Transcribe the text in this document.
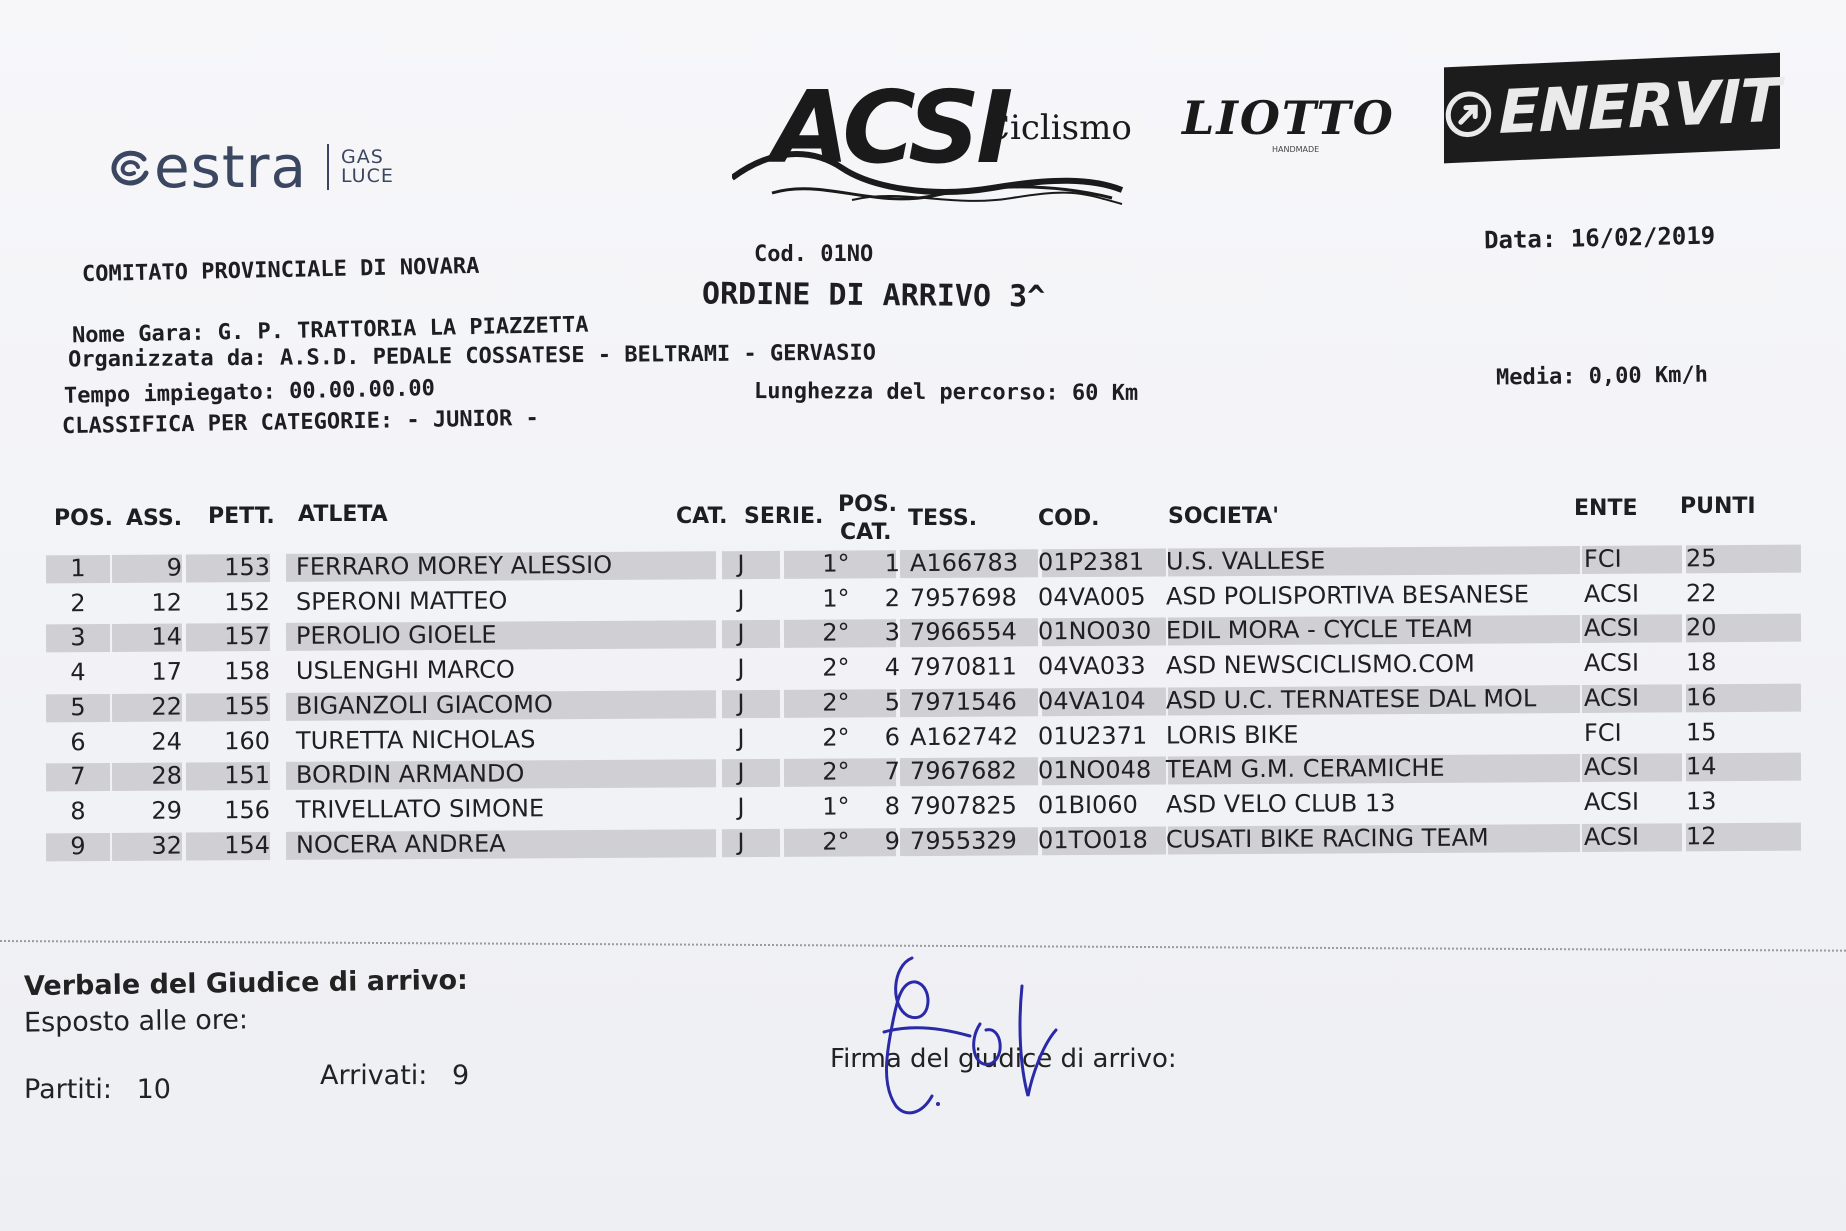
estra GAS
LUCE	ACSI
Ciclismo LIOTTO
HANDMADE
ENERVIT
COMITATO PROVINCIALE DI NOVARA	Cod. 01NO
Data: 16/02/2019
ORDINE DI ARRIVO 3^
Nome Gara: G. P. TRATTORIA LA PIAZZETTA
Organizzata da: A.S.D. PEDALE COSSATESE - BELTRAMI - GERVASIO
Tempo impiegato: 00.00.00.00	Lunghezza del percorso: 60 Km
Media: 0,00 Km/h
CLASSIFICA PER CATEGORIE: - JUNIOR -
POS. ASS. PETT. ATLETA	CAT. SERIE. POS.
CAT.
TESS.	COD.	SOCIETA'	ENTE PUNTI
1	9	153 FERRARO MOREY ALESSIO	J	1°	1 A166783 01P2381 U.S. VALLESE	FCI	25
2	12	152 SPERONI MATTEO	J	1°	2 7957698 04VA005 ASD POLISPORTIVA BESANESE	ACSI	22
3	14	157 PEROLIO GIOELE	J	2°	3 7966554 01NO030 EDIL MORA - CYCLE TEAM	ACSI	20
4	17	158 USLENGHI MARCO	J	2°	4 7970811 04VA033 ASD NEWSCICLISMO.COM	ACSI	18
5	22	155 BIGANZOLI GIACOMO	J	2°	5 7971546 04VA104 ASD U.C. TERNATESE DAL MOL	ACSI	16
6	24	160 TURETTA NICHOLAS	J	2°	6 A162742 01U2371 LORIS BIKE	FCI	15
7	28	151 BORDIN ARMANDO	J	2°	7 7967682 01NO048 TEAM G.M. CERAMICHE	ACSI	14
8	29	156 TRIVELLATO SIMONE	J	1°	8 7907825 01BI060	ASD VELO CLUB 13	ACSI	13
9	32	154 NOCERA ANDREA	J	2°	9 7955329 01TO018 CUSATI BIKE RACING TEAM	ACSI	12
Verbale del Giudice di arrivo:
Esposto alle ore:
Partiti: 10	Arrivati: 9
Firma del giudice di arrivo:
